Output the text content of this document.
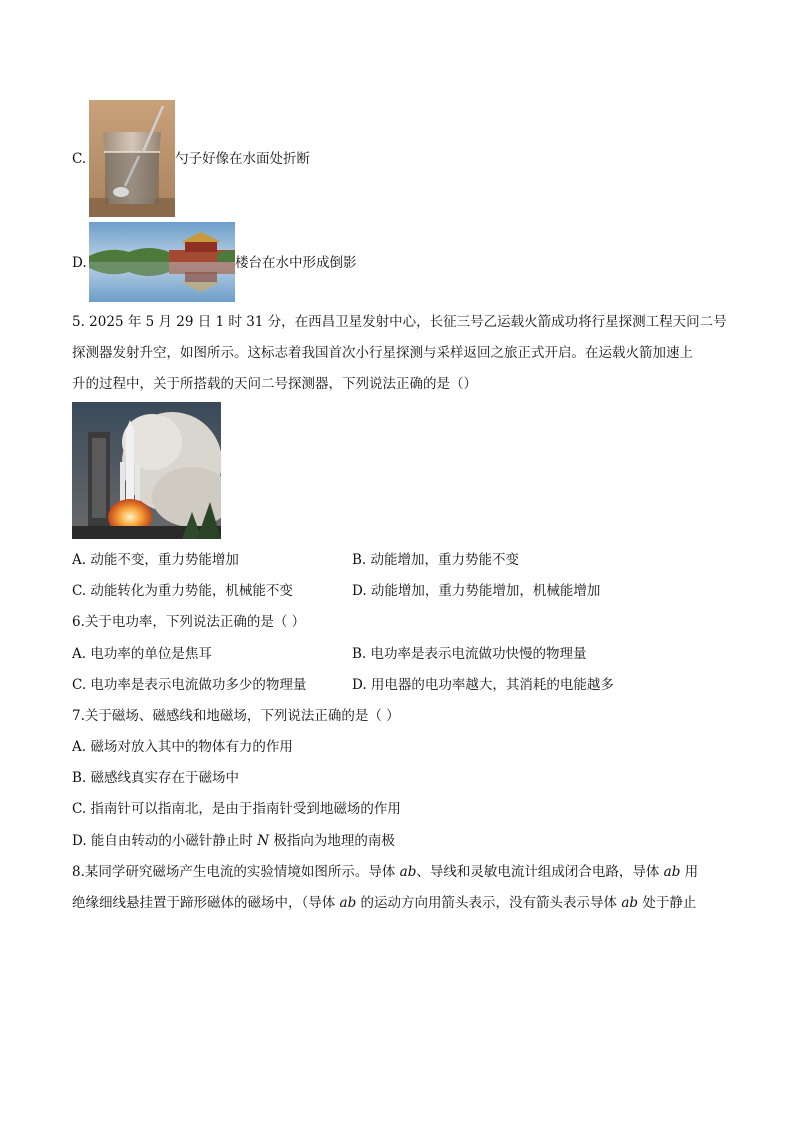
C.	勺子好像在水面处折断
D.	楼台在水中形成倒影
5. 2025 年 5 月 29 日 1 时 31 分，在西昌卫星发射中心，长征三号乙运载火箭成功将行星探测工程天问二号
探测器发射升空，如图所示。这标志着我国首次小行星探测与采样返回之旅正式开启。在运载火箭加速上
升的过程中，关于所搭载的天问二号探测器，下列说法正确的是（）
A. 动能不变，重力势能增加	B. 动能增加，重力势能不变
C. 动能转化为重力势能，机械能不变	D. 动能增加，重力势能增加，机械能增加
6.关于电功率，下列说法正确的是（ ）
A. 电功率的单位是焦耳	B. 电功率是表示电流做功快慢的物理量
C. 电功率是表示电流做功多少的物理量	D. 用电器的电功率越大，其消耗的电能越多
7.关于磁场、磁感线和地磁场，下列说法正确的是（ ）
A. 磁场对放入其中的物体有力的作用
B. 磁感线真实存在于磁场中
C. 指南针可以指南北，是由于指南针受到地磁场的作用
D. 能自由转动的小磁针静止时 N 极指向为地理的南极
8.某同学研究磁场产生电流的实验情境如图所示。导体 ab、导线和灵敏电流计组成闭合电路，导体 ab 用
绝缘细线悬挂置于蹄形磁体的磁场中，（导体 ab 的运动方向用箭头表示，没有箭头表示导体 ab 处于静止
